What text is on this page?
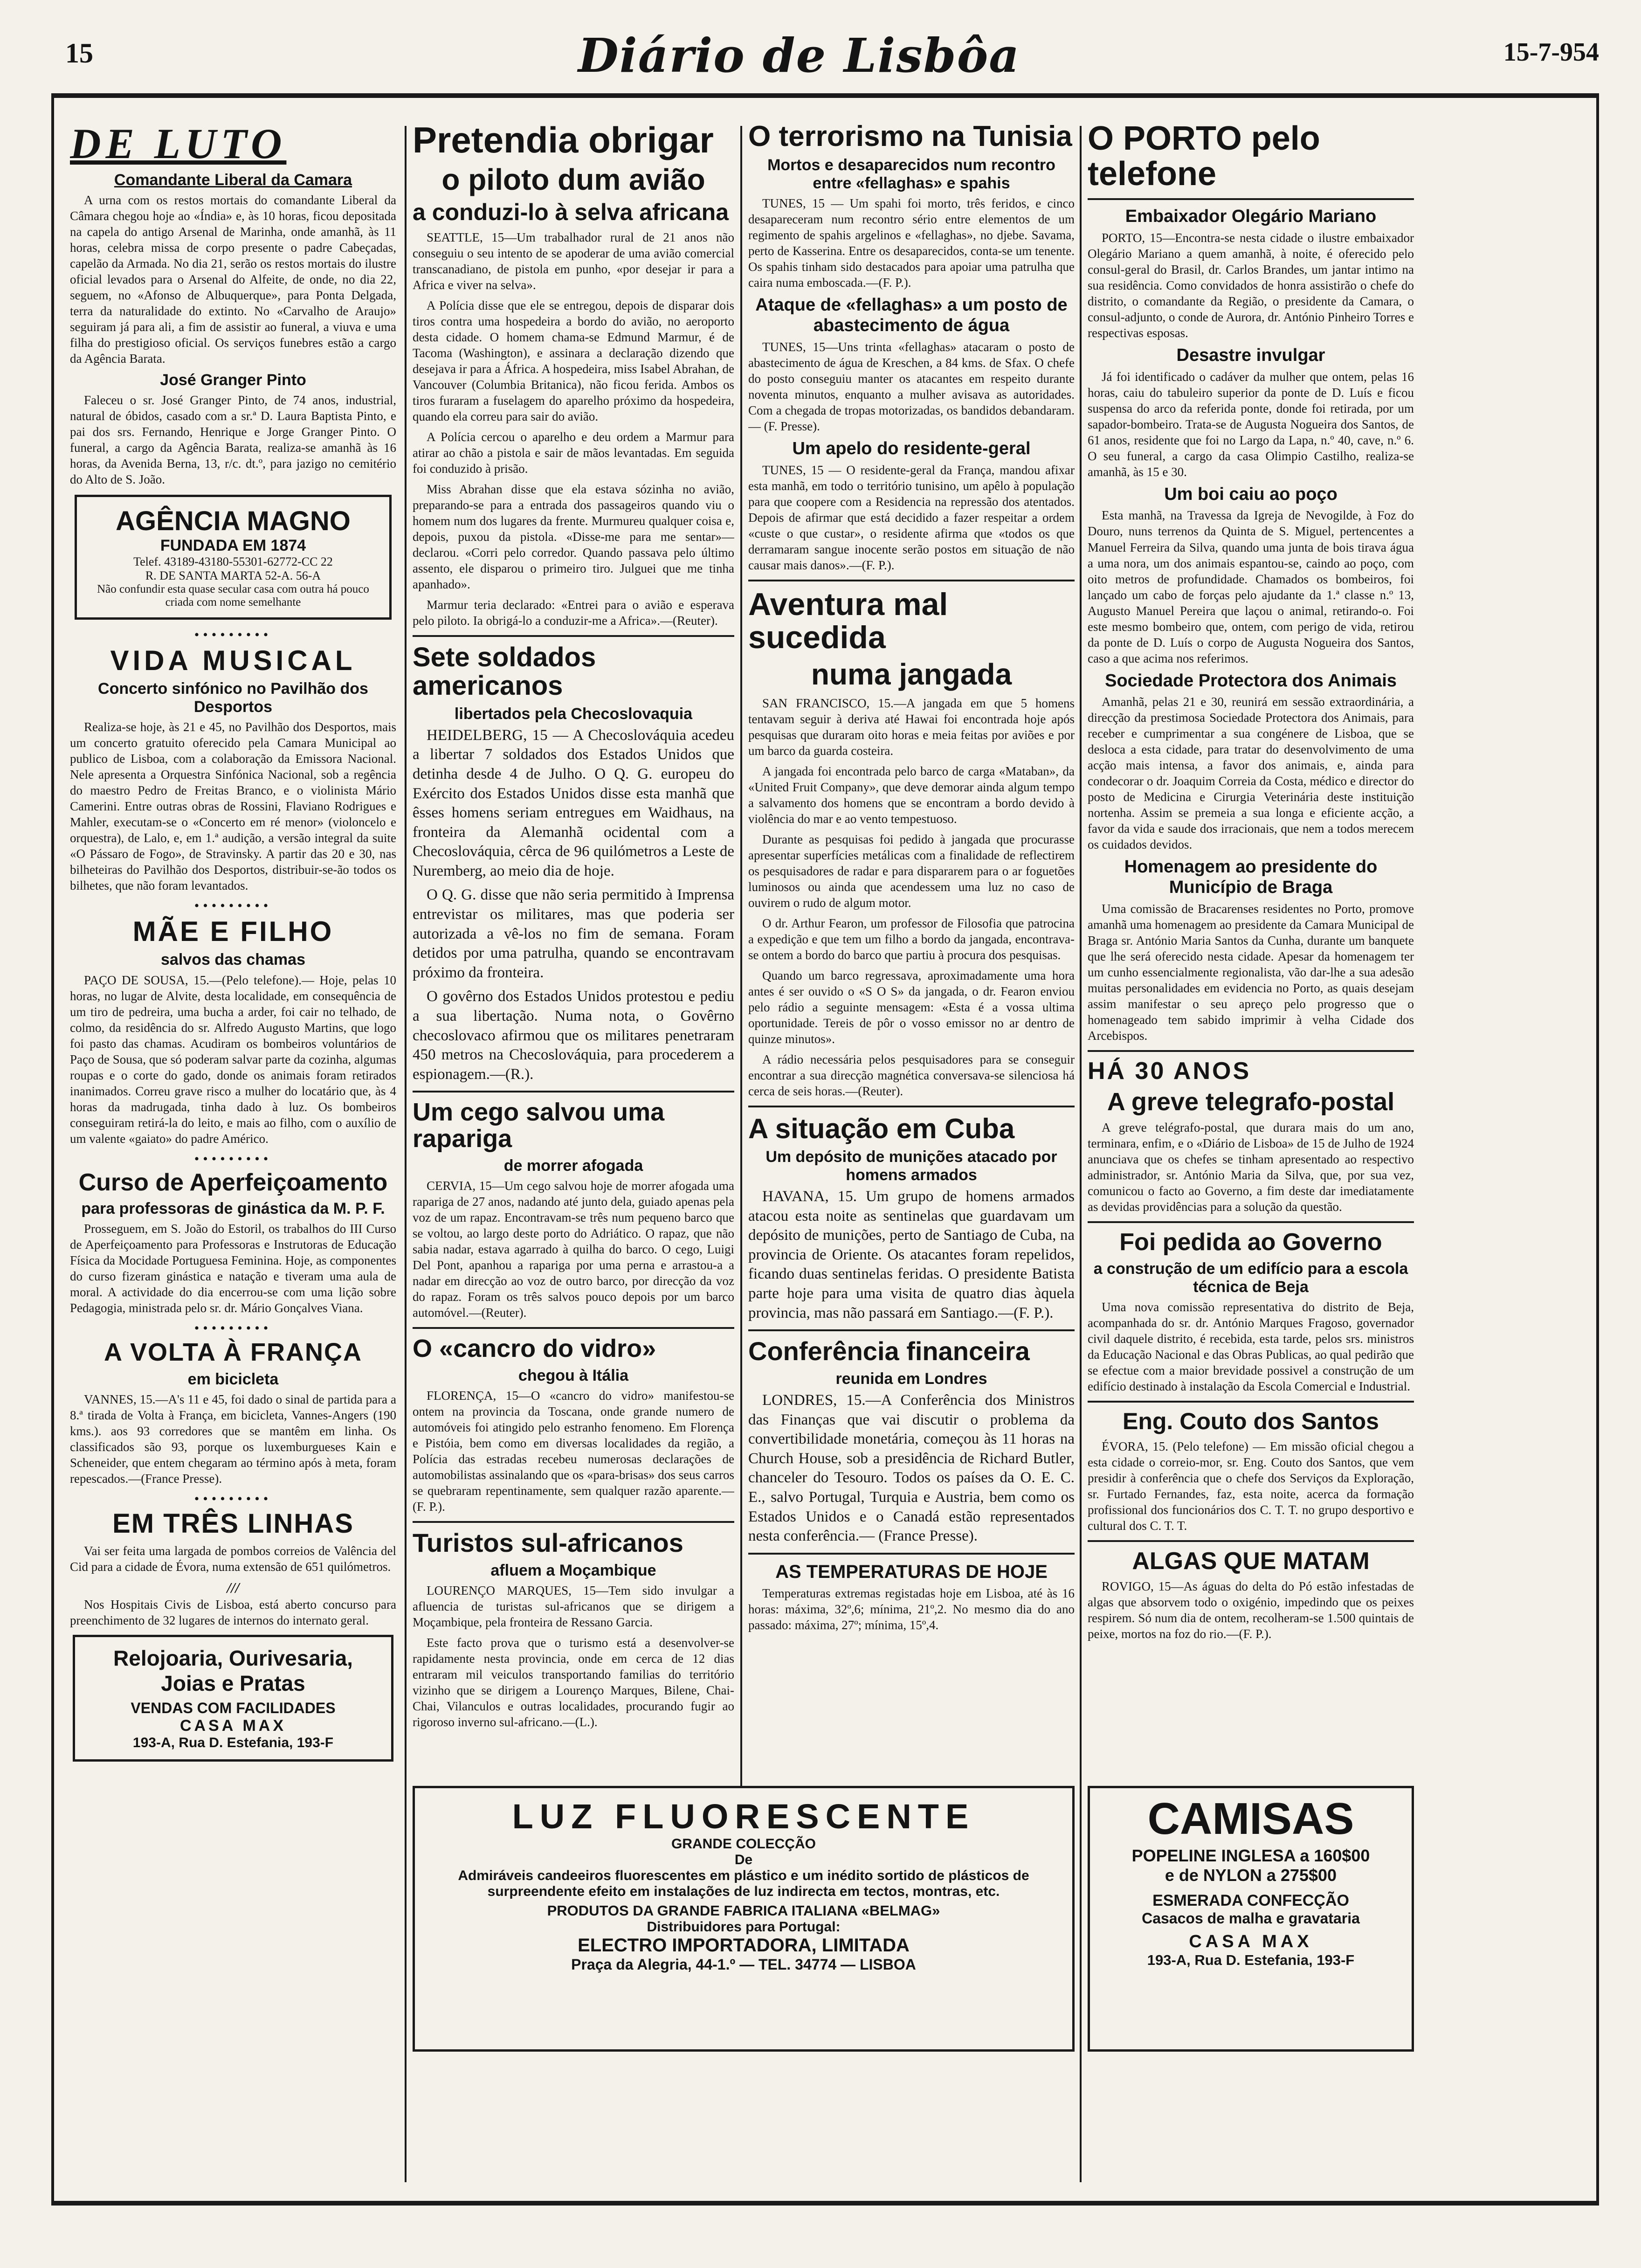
15	Diário de Lisbôa	15-7-954
DE LUTO
Comandante Liberal da Camara

A urna com os restos mortais do comandante Liberal da Câmara chegou hoje ao «Índia» e, às 10 horas, ficou depositada na capela do antigo Arsenal de Marinha, onde amanhã, às 11 horas, celebra missa de corpo presente o padre Cabeçadas, capelão da Armada. No dia 21, serão os restos mortais do ilustre oficial levados para o Arsenal do Alfeite, de onde, no dia 22, seguem, no «Afonso de Albuquerque», para Ponta Delgada, terra da naturalidade do extinto. No «Carvalho de Araujo» seguiram já para ali, a fim de assistir ao funeral, a viuva e uma filha do prestigioso oficial. Os serviços funebres estão a cargo da Agência Barata.

José Granger Pinto

Faleceu o sr. José Granger Pinto, de 74 anos, industrial, natural de óbidos, casado com a sr.ª D. Laura Baptista Pinto, e pai dos srs. Fernando, Henrique e Jorge Granger Pinto. O funeral, a cargo da Agência Barata, realiza-se amanhã às 16 horas, da Avenida Berna, 13, r/c. dt.º, para jazigo no cemitério do Alto de S. João.

AGÊNCIA MAGNO
FUNDADA EM 1874
Telef. 43189-43180-55301-62772-CC 22
R. DE SANTA MARTA 52-A. 56-A
Não confundir esta quase secular casa com outra há pouco criada com nome semelhante
•••••••••
VIDA MUSICAL
Concerto sinfónico no Pavilhão dos Desportos

Realiza-se hoje, às 21 e 45, no Pavilhão dos Desportos, mais um concerto gratuito oferecido pela Camara Municipal ao publico de Lisboa, com a colaboração da Emissora Nacional. Nele apresenta a Orquestra Sinfónica Nacional, sob a regência do maestro Pedro de Freitas Branco, e o violinista Mário Camerini. Entre outras obras de Rossini, Flaviano Rodrigues e Mahler, executam-se o «Concerto em ré menor» (violoncelo e orquestra), de Lalo, e, em 1.ª audição, a versão integral da suite «O Pássaro de Fogo», de Stravinsky. A partir das 20 e 30, nas bilheteiras do Pavilhão dos Desportos, distribuir-se-ão todos os bilhetes, que não foram levantados.

•••••••••
MÃE E FILHO
salvos das chamas

PAÇO DE SOUSA, 15.—(Pelo telefone).— Hoje, pelas 10 horas, no lugar de Alvite, desta localidade, em consequência de um tiro de pedreira, uma bucha a arder, foi cair no telhado, de colmo, da residência do sr. Alfredo Augusto Martins, que logo foi pasto das chamas. Acudiram os bombeiros voluntários de Paço de Sousa, que só poderam salvar parte da cozinha, algumas roupas e o corte do gado, donde os animais foram retirados inanimados. Correu grave risco a mulher do locatário que, às 4 horas da madrugada, tinha dado à luz. Os bombeiros conseguiram retirá-la do leito, e mais ao filho, com o auxílio de um valente «gaiato» do padre Américo.

•••••••••
Curso de Aperfeiçoamento
para professoras de ginástica da M. P. F.

Prosseguem, em S. João do Estoril, os trabalhos do III Curso de Aperfeiçoamento para Professoras e Instrutoras de Educação Física da Mocidade Portuguesa Feminina. Hoje, as componentes do curso fizeram ginástica e natação e tiveram uma aula de moral. A actividade do dia encerrou-se com uma lição sobre Pedagogia, ministrada pelo sr. dr. Mário Gonçalves Viana.

•••••••••
A VOLTA À FRANÇA
em bicicleta

VANNES, 15.—A's 11 e 45, foi dado o sinal de partida para a 8.ª tirada de Volta à França, em bicicleta, Vannes-Angers (190 kms.). aos 93 corredores que se mantêm em linha. Os classificados são 93, porque os luxemburgueses Kain e Scheneider, que entem chegaram ao término após à meta, foram repescados.—(France Presse).

•••••••••
EM TRÊS LINHAS

Vai ser feita uma largada de pombos correios de Valência del Cid para a cidade de Évora, numa extensão de 651 quilómetros.

///

Nos Hospitais Civis de Lisboa, está aberto concurso para preenchimento de 32 lugares de internos do internato geral.

Relojoaria, Ourivesaria, Joias e Pratas
VENDAS COM FACILIDADES
CASA MAX
193-A, Rua D. Estefania, 193-F
Pretendia obrigar
o piloto dum avião
a conduzi-lo à selva africana

SEATTLE, 15—Um trabalhador rural de 21 anos não conseguiu o seu intento de se apoderar de uma avião comercial transcanadiano, de pistola em punho, «por desejar ir para a Africa e viver na selva».

A Polícia disse que ele se entregou, depois de disparar dois tiros contra uma hospedeira a bordo do avião, no aeroporto desta cidade. O homem chama-se Edmund Marmur, é de Tacoma (Washington), e assinara a declaração dizendo que desejava ir para a África. A hospedeira, miss Isabel Abrahan, de Vancouver (Columbia Britanica), não ficou ferida. Ambos os tiros furaram a fuselagem do aparelho próximo da hospedeira, quando ela correu para sair do avião.

A Polícia cercou o aparelho e deu ordem a Marmur para atirar ao chão a pistola e sair de mãos levantadas. Em seguida foi conduzido à prisão.

Miss Abrahan disse que ela estava sózinha no avião, preparando-se para a entrada dos passageiros quando viu o homem num dos lugares da frente. Murmureu qualquer coisa e, depois, puxou da pistola. «Disse-me para me sentar»—declarou. «Corri pelo corredor. Quando passava pelo último assento, ele disparou o primeiro tiro. Julguei que me tinha apanhado».

Marmur teria declarado: «Entrei para o avião e esperava pelo piloto. Ia obrigá-lo a conduzir-me a Africa».—(Reuter).

Sete soldados americanos
libertados pela Checoslovaquia

HEIDELBERG, 15 — A Checoslováquia acedeu a libertar 7 soldados dos Estados Unidos que detinha desde 4 de Julho. O Q. G. europeu do Exército dos Estados Unidos disse esta manhã que êsses homens seriam entregues em Waidhaus, na fronteira da Alemanhã ocidental com a Checoslováquia, cêrca de 96 quilómetros a Leste de Nuremberg, ao meio dia de hoje.

O Q. G. disse que não seria permitido à Imprensa entrevistar os militares, mas que poderia ser autorizada a vê-los no fim de semana. Foram detidos por uma patrulha, quando se encontravam próximo da fronteira.

O govêrno dos Estados Unidos protestou e pediu a sua libertação. Numa nota, o Govêrno checoslovaco afirmou que os militares penetraram 450 metros na Checoslováquia, para procederem a espionagem.—(R.).

Um cego salvou uma rapariga
de morrer afogada

CERVIA, 15—Um cego salvou hoje de morrer afogada uma rapariga de 27 anos, nadando até junto dela, guiado apenas pela voz de um rapaz. Encontravam-se três num pequeno barco que se voltou, ao largo deste porto do Adriático. O rapaz, que não sabia nadar, estava agarrado à quilha do barco. O cego, Luigi Del Pont, apanhou a rapariga por uma perna e arrastou-a a nadar em direcção ao voz de outro barco, por direcção da voz do rapaz. Foram os três salvos pouco depois por um barco automóvel.—(Reuter).

O «cancro do vidro»
chegou à Itália

FLORENÇA, 15—O «cancro do vidro» manifestou-se ontem na provincia da Toscana, onde grande numero de automóveis foi atingido pelo estranho fenomeno. Em Florença e Pistóia, bem como em diversas localidades da região, a Polícia das estradas recebeu numerosas declarações de automobilistas assinalando que os «para-brisas» dos seus carros se quebraram repentinamente, sem qualquer razão aparente.—(F. P.).

Turistos sul-africanos
afluem a Moçambique

LOURENÇO MARQUES, 15—Tem sido invulgar a afluencia de turistas sul-africanos que se dirigem a Moçambique, pela fronteira de Ressano Garcia.

Este facto prova que o turismo está a desenvolver-se rapidamente nesta provincia, onde em cerca de 12 dias entraram mil veiculos transportando familias do território vizinho que se dirigem a Lourenço Marques, Bilene, Chai-Chai, Vilanculos e outras localidades, procurando fugir ao rigoroso inverno sul-africano.—(L.).

O terrorismo na Tunisia
Mortos e desaparecidos num recontro entre «fellaghas» e spahis

TUNES, 15 — Um spahi foi morto, três feridos, e cinco desapareceram num recontro sério entre elementos de um regimento de spahis argelinos e «fellaghas», no djebe. Savama, perto de Kasserina. Entre os desaparecidos, conta-se um tenente. Os spahis tinham sido destacados para apoiar uma patrulha que caira numa emboscada.—(F. P.).

Ataque de «fellaghas» a um posto de abastecimento de água

TUNES, 15—Uns trinta «fellaghas» atacaram o posto de abastecimento de água de Kreschen, a 84 kms. de Sfax. O chefe do posto conseguiu manter os atacantes em respeito durante noventa minutos, enquanto a mulher avisava as autoridades. Com a chegada de tropas motorizadas, os bandidos debandaram. — (F. Presse).

Um apelo do residente-geral

TUNES, 15 — O residente-geral da França, mandou afixar esta manhã, em todo o território tunisino, um apêlo à população para que coopere com a Residencia na repressão dos atentados. Depois de afirmar que está decidido a fazer respeitar a ordem «custe o que custar», o residente afirma que «todos os que derramaram sangue inocente serão postos em situação de não causar mais danos».—(F. P.).

Aventura mal sucedida
numa jangada

SAN FRANCISCO, 15.—A jangada em que 5 homens tentavam seguir à deriva até Hawai foi encontrada hoje após pesquisas que duraram oito horas e meia feitas por aviões e por um barco da guarda costeira.

A jangada foi encontrada pelo barco de carga «Mataban», da «United Fruit Company», que deve demorar ainda algum tempo a salvamento dos homens que se encontram a bordo devido à violência do mar e ao vento tempestuoso.

Durante as pesquisas foi pedido à jangada que procurasse apresentar superfícies metálicas com a finalidade de reflectirem os pesquisadores de radar e para dispararem para o ar foguetões luminosos ou ainda que acendessem uma luz no caso de ouvirem o rudo de algum motor.

O dr. Arthur Fearon, um professor de Filosofia que patrocina a expedição e que tem um filho a bordo da jangada, encontrava-se ontem a bordo do barco que partiu à procura dos pesquisas.

Quando um barco regressava, aproximadamente uma hora antes é ser ouvido o «S O S» da jangada, o dr. Fearon enviou pelo rádio a seguinte mensagem: «Esta é a vossa ultima oportunidade. Tereis de pôr o vosso emissor no ar dentro de quinze minutos».

A rádio necessária pelos pesquisadores para se conseguir encontrar a sua direcção magnética conversava-se silenciosa há cerca de seis horas.—(Reuter).

A situação em Cuba
Um depósito de munições atacado por homens armados

HAVANA, 15. Um grupo de homens armados atacou esta noite as sentinelas que guardavam um depósito de munições, perto de Santiago de Cuba, na provincia de Oriente. Os atacantes foram repelidos, ficando duas sentinelas feridas. O presidente Batista parte hoje para uma visita de quatro dias àquela provincia, mas não passará em Santiago.—(F. P.).

Conferência financeira
reunida em Londres

LONDRES, 15.—A Conferência dos Ministros das Finanças que vai discutir o problema da convertibilidade monetária, começou às 11 horas na Church House, sob a presidência de Richard Butler, chanceler do Tesouro. Todos os países da O. E. C. E., salvo Portugal, Turquia e Austria, bem como os Estados Unidos e o Canadá estão representados nesta conferência.— (France Presse).

AS TEMPERATURAS DE HOJE

Temperaturas extremas registadas hoje em Lisboa, até às 16 horas: máxima, 32º,6; mínima, 21º,2. No mesmo dia do ano passado: máxima, 27º; mínima, 15º,4.

O PORTO pelo telefone
Embaixador Olegário Mariano

PORTO, 15—Encontra-se nesta cidade o ilustre embaixador Olegário Mariano a quem amanhã, à noite, é oferecido pelo consul-geral do Brasil, dr. Carlos Brandes, um jantar intimo na sua residência. Como convidados de honra assistirão o chefe do distrito, o comandante da Região, o presidente da Camara, o consul-adjunto, o conde de Aurora, dr. António Pinheiro Torres e respectivas esposas.

Desastre invulgar

Já foi identificado o cadáver da mulher que ontem, pelas 16 horas, caiu do tabuleiro superior da ponte de D. Luís e ficou suspensa do arco da referida ponte, donde foi retirada, por um sapador-bombeiro. Trata-se de Augusta Nogueira dos Santos, de 61 anos, residente que foi no Largo da Lapa, n.º 40, cave, n.º 6. O seu funeral, a cargo da casa Olimpio Castilho, realiza-se amanhã, às 15 e 30.

Um boi caiu ao poço

Esta manhã, na Travessa da Igreja de Nevogilde, à Foz do Douro, nuns terrenos da Quinta de S. Miguel, pertencentes a Manuel Ferreira da Silva, quando uma junta de bois tirava água a uma nora, um dos animais espantou-se, caindo ao poço, com oito metros de profundidade. Chamados os bombeiros, foi lançado um cabo de forças pelo ajudante da 1.ª classe n.º 13, Augusto Manuel Pereira que laçou o animal, retirando-o. Foi este mesmo bombeiro que, ontem, com perigo de vida, retirou da ponte de D. Luís o corpo de Augusta Nogueira dos Santos, caso a que acima nos referimos.

Sociedade Protectora dos Animais

Amanhã, pelas 21 e 30, reunirá em sessão extraordinária, a direcção da prestimosa Sociedade Protectora dos Animais, para receber e cumprimentar a sua congénere de Lisboa, que se desloca a esta cidade, para tratar do desenvolvimento de uma acção mais intensa, a favor dos animais, e, ainda para condecorar o dr. Joaquim Correia da Costa, médico e director do posto de Medicina e Cirurgia Veterinária deste instituição nortenha. Assim se premeia a sua longa e eficiente acção, a favor da vida e saude dos irracionais, que nem a todos merecem os cuidados devidos.

Homenagem ao presidente do Município de Braga

Uma comissão de Bracarenses residentes no Porto, promove amanhã uma homenagem ao presidente da Camara Municipal de Braga sr. António Maria Santos da Cunha, durante um banquete que lhe será oferecido nesta cidade. Apesar da homenagem ter um cunho essencialmente regionalista, vão dar-lhe a sua adesão muitas personalidades em evidencia no Porto, as quais desejam assim manifestar o seu apreço pelo progresso que o homenageado tem sabido imprimir à velha Cidade dos Arcebispos.

HÁ 30 ANOS
A greve telegrafo-postal

A greve telégrafo-postal, que durara mais do um ano, terminara, enfim, e o «Diário de Lisboa» de 15 de Julho de 1924 anunciava que os chefes se tinham apresentado ao respectivo administrador, sr. António Maria da Silva, que, por sua vez, comunicou o facto ao Governo, a fim deste dar imediatamente as devidas providências para a solução da questão.

Foi pedida ao Governo
a construção de um edifício para a escola técnica de Beja

Uma nova comissão representativa do distrito de Beja, acompanhada do sr. dr. António Marques Fragoso, governador civil daquele distrito, é recebida, esta tarde, pelos srs. ministros da Educação Nacional e das Obras Publicas, ao qual pedirão que se efectue com a maior brevidade possivel a construção de um edifício destinado à instalação da Escola Comercial e Industrial.

Eng. Couto dos Santos

ÉVORA, 15. (Pelo telefone) — Em missão oficial chegou a esta cidade o correio-mor, sr. Eng. Couto dos Santos, que vem presidir à conferência que o chefe dos Serviços da Exploração, sr. Furtado Fernandes, faz, esta noite, acerca da formação profissional dos funcionários dos C. T. T. no grupo desportivo e cultural dos C. T. T.

ALGAS QUE MATAM

ROVIGO, 15—As águas do delta do Pó estão infestadas de algas que absorvem todo o oxigénio, impedindo que os peixes respirem. Só num dia de ontem, recolheram-se 1.500 quintais de peixe, mortos na foz do rio.—(F. P.).

LUZ FLUORESCENTE
GRANDE COLECÇÃO
De
Admiráveis candeeiros fluorescentes em plástico e um inédito sortido de plásticos de surpreendente efeito em instalações de luz indirecta em tectos, montras, etc.
PRODUTOS DA GRANDE FABRICA ITALIANA «BELMAG»
Distribuidores para Portugal:
ELECTRO IMPORTADORA, LIMITADA
Praça da Alegria, 44-1.º — TEL. 34774 — LISBOA
CAMISAS
POPELINE INGLESA a 160$00
e de NYLON a 275$00
ESMERADA CONFECÇÃO
Casacos de malha e gravataria
CASA MAX
193-A, Rua D. Estefania, 193-F
